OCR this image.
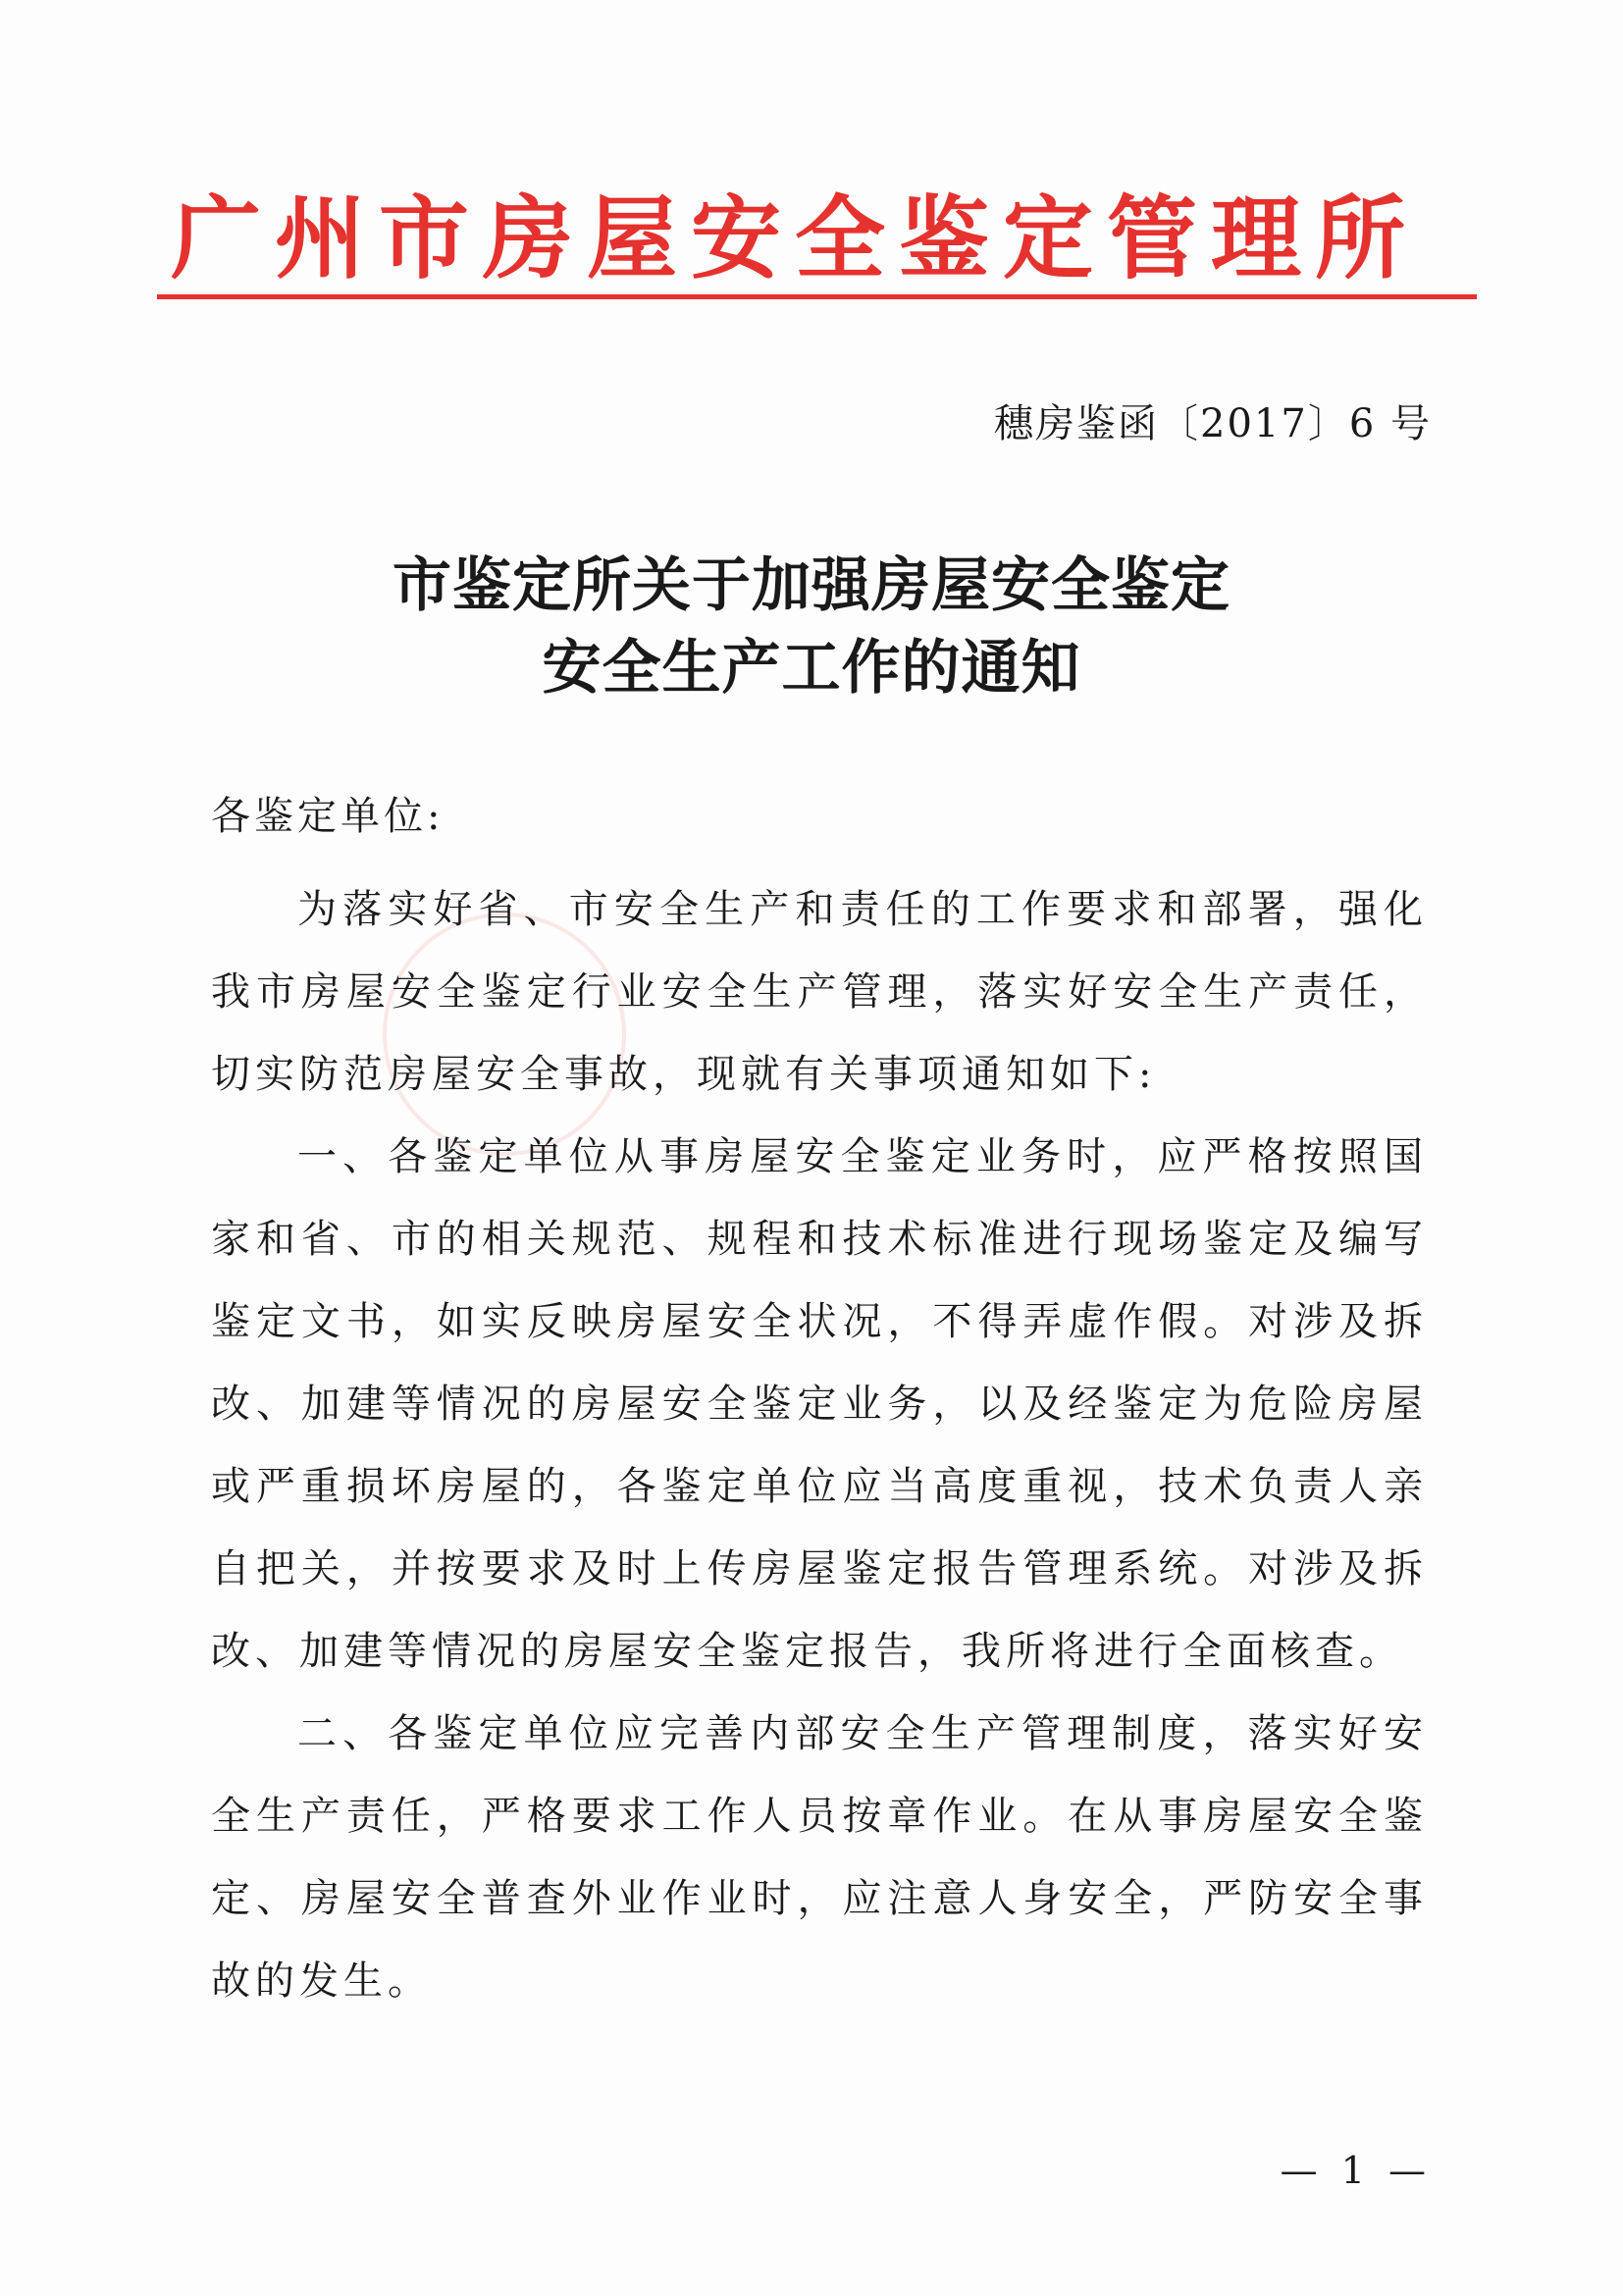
广州市房屋安全鉴定管理所
穗房鉴函〔2017〕6 号
市鉴定所关于加强房屋安全鉴定
安全生产工作的通知
各鉴定单位:

为落实好省、市安全生产和责任的工作要求和部署，强化我市房屋安全鉴定行业安全生产管理，落实好安全生产责任，切实防范房屋安全事故，现就有关事项通知如下:

一、各鉴定单位从事房屋安全鉴定业务时，应严格按照国家和省、市的相关规范、规程和技术标准进行现场鉴定及编写鉴定文书，如实反映房屋安全状况，不得弄虚作假。对涉及拆改、加建等情况的房屋安全鉴定业务，以及经鉴定为危险房屋或严重损坏房屋的，各鉴定单位应当高度重视，技术负责人亲自把关，并按要求及时上传房屋鉴定报告管理系统。对涉及拆改、加建等情况的房屋安全鉴定报告，我所将进行全面核查。

二、各鉴定单位应完善内部安全生产管理制度，落实好安全生产责任，严格要求工作人员按章作业。在从事房屋安全鉴定、房屋安全普查外业作业时，应注意人身安全，严防安全事故的发生。

— 1 —
